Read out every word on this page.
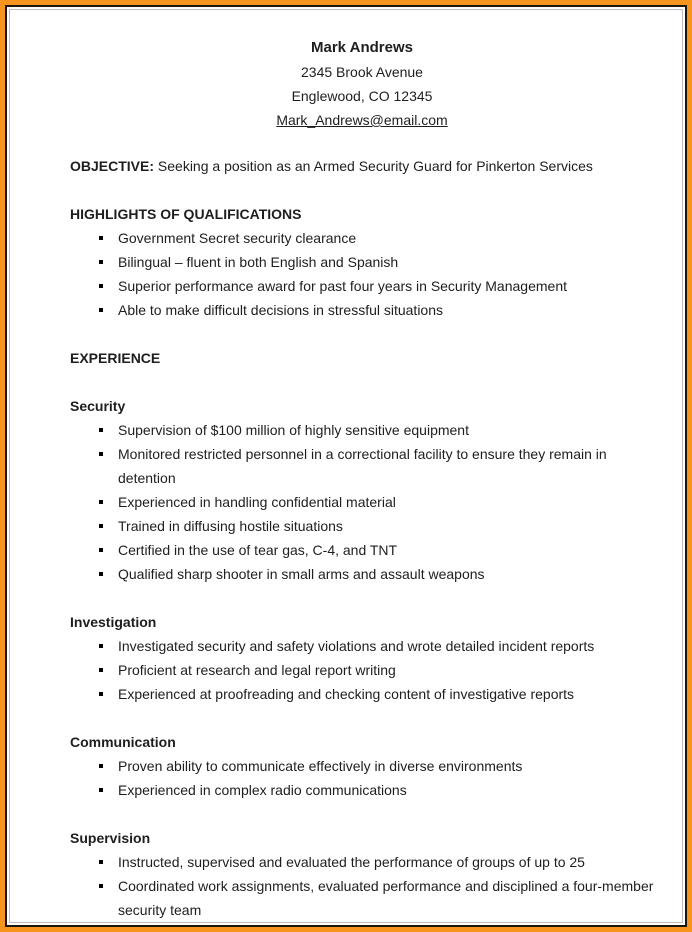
Mark Andrews
2345 Brook Avenue
Englewood, CO 12345
Mark_Andrews@email.com

OBJECTIVE: Seeking a position as an Armed Security Guard for Pinkerton Services

HIGHLIGHTS OF QUALIFICATIONS
Government Secret security clearance
Bilingual – fluent in both English and Spanish
Superior performance award for past four years in Security Management
Able to make difficult decisions in stressful situations
EXPERIENCE
Security
Supervision of $100 million of highly sensitive equipment
Monitored restricted personnel in a correctional facility to ensure they remain in detention
Experienced in handling confidential material
Trained in diffusing hostile situations
Certified in the use of tear gas, C-4, and TNT
Qualified sharp shooter in small arms and assault weapons
Investigation
Investigated security and safety violations and wrote detailed incident reports
Proficient at research and legal report writing
Experienced at proofreading and checking content of investigative reports
Communication
Proven ability to communicate effectively in diverse environments
Experienced in complex radio communications
Supervision
Instructed, supervised and evaluated the performance of groups of up to 25
Coordinated work assignments, evaluated performance and disciplined a four-member security team
